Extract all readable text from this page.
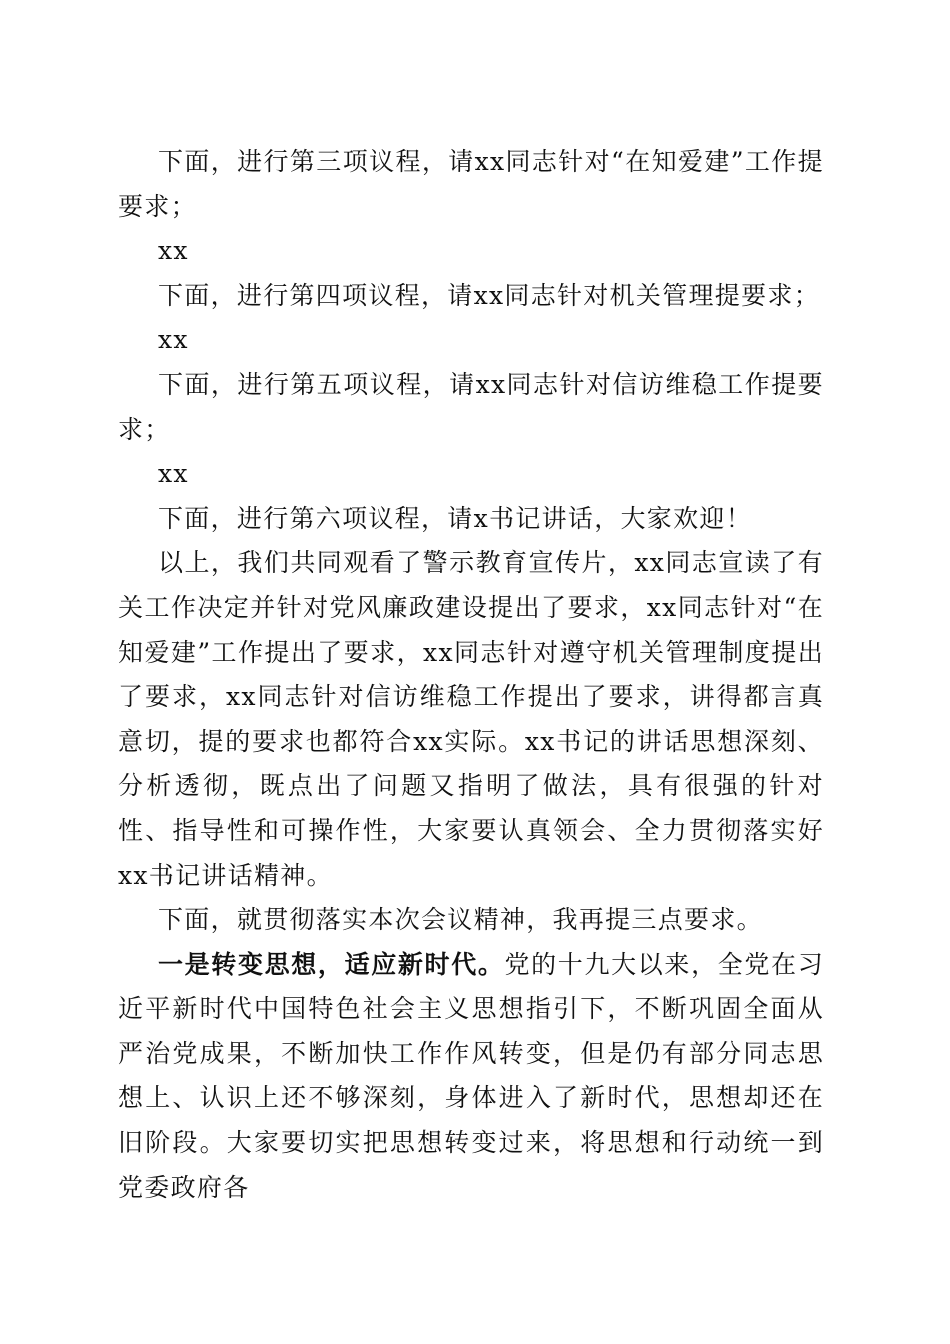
下面，进行第三项议程，请xx同志针对“在知爱建”工作提要求；

xx

下面，进行第四项议程，请xx同志针对机关管理提要求；

xx

下面，进行第五项议程，请xx同志针对信访维稳工作提要求；

xx

下面，进行第六项议程，请x书记讲话，大家欢迎！

以上，我们共同观看了警示教育宣传片，xx同志宣读了有关工作决定并针对党风廉政建设提出了要求，xx同志针对“在知爱建”工作提出了要求，xx同志针对遵守机关管理制度提出了要求，xx同志针对信访维稳工作提出了要求，讲得都言真意切，提的要求也都符合xx实际。xx书记的讲话思想深刻、分析透彻，既点出了问题又指明了做法，具有很强的针对性、指导性和可操作性，大家要认真领会、全力贯彻落实好xx书记讲话精神。

下面，就贯彻落实本次会议精神，我再提三点要求。

一是转变思想，适应新时代。党的十九大以来，全党在习近平新时代中国特色社会主义思想指引下，不断巩固全面从严治党成果，不断加快工作作风转变，但是仍有部分同志思想上、认识上还不够深刻，身体进入了新时代，思想却还在旧阶段。大家要切实把思想转变过来，将思想和行动统一到党委政府各
